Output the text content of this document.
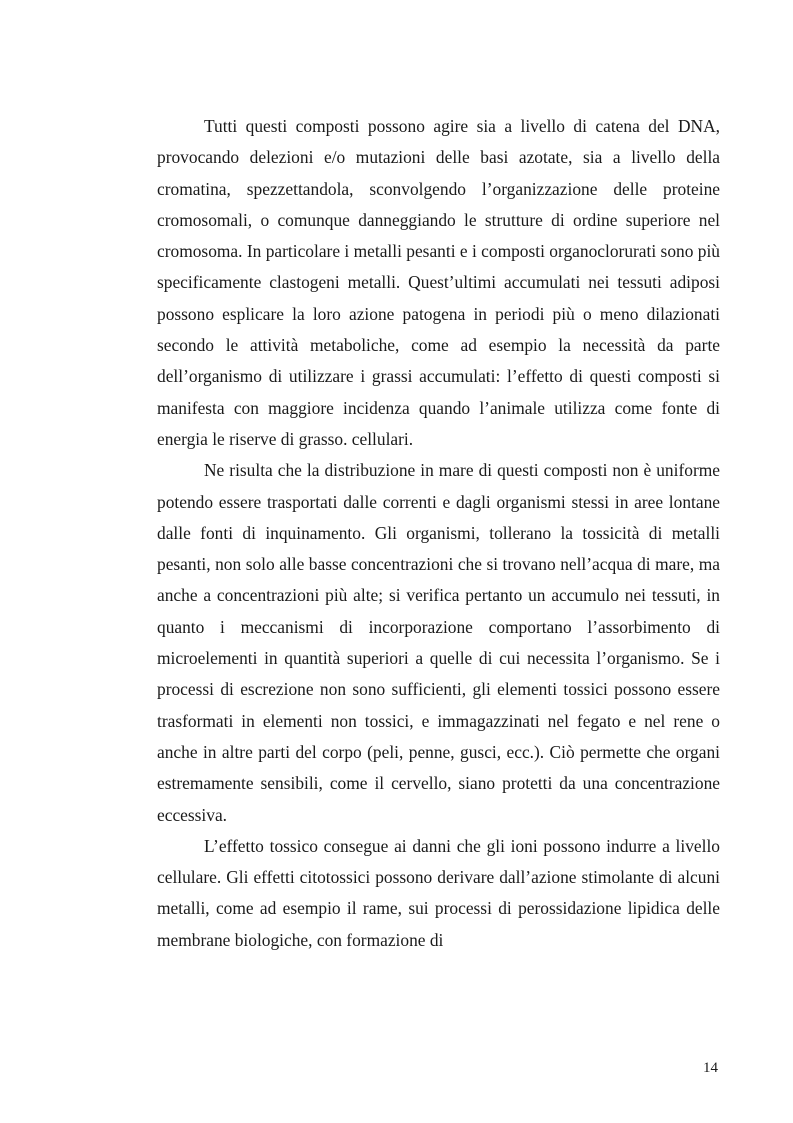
Tutti questi composti possono agire sia a livello di catena del DNA, provocando delezioni e/o mutazioni delle basi azotate, sia a livello della cromatina, spezzettandola, sconvolgendo l’organizzazione delle proteine cromosomali, o comunque danneggiando le strutture di ordine superiore nel cromosoma. In particolare i metalli pesanti e i composti organoclorurati sono più specificamente clastogeni metalli. Quest’ultimi accumulati nei tessuti adiposi possono esplicare la loro azione patogena in periodi più o meno dilazionati secondo le attività metaboliche, come ad esempio la necessità da parte dell’organismo di utilizzare i grassi accumulati: l’effetto di questi composti si manifesta con maggiore incidenza quando l’animale utilizza come fonte di energia le riserve di grasso. cellulari.

Ne risulta che la distribuzione in mare di questi composti non è uniforme potendo essere trasportati dalle correnti e dagli organismi stessi in aree lontane dalle fonti di inquinamento. Gli organismi, tollerano la tossicità di metalli pesanti, non solo alle basse concentrazioni che si trovano nell’acqua di mare, ma anche a concentrazioni più alte; si verifica pertanto un accumulo nei tessuti, in quanto i meccanismi di incorporazione comportano l’assorbimento di microelementi in quantità superiori a quelle di cui necessita l’organismo. Se i processi di escrezione non sono sufficienti, gli elementi tossici possono essere trasformati in elementi non tossici, e immagazzinati nel fegato e nel rene o anche in altre parti del corpo (peli, penne, gusci, ecc.). Ciò permette che organi estremamente sensibili, come il cervello, siano protetti da una concentrazione eccessiva.

L’effetto tossico consegue ai danni che gli ioni possono indurre a livello cellulare. Gli effetti citotossici possono derivare dall’azione stimolante di alcuni metalli, come ad esempio il rame, sui processi di perossidazione lipidica delle membrane biologiche, con formazione di

14
